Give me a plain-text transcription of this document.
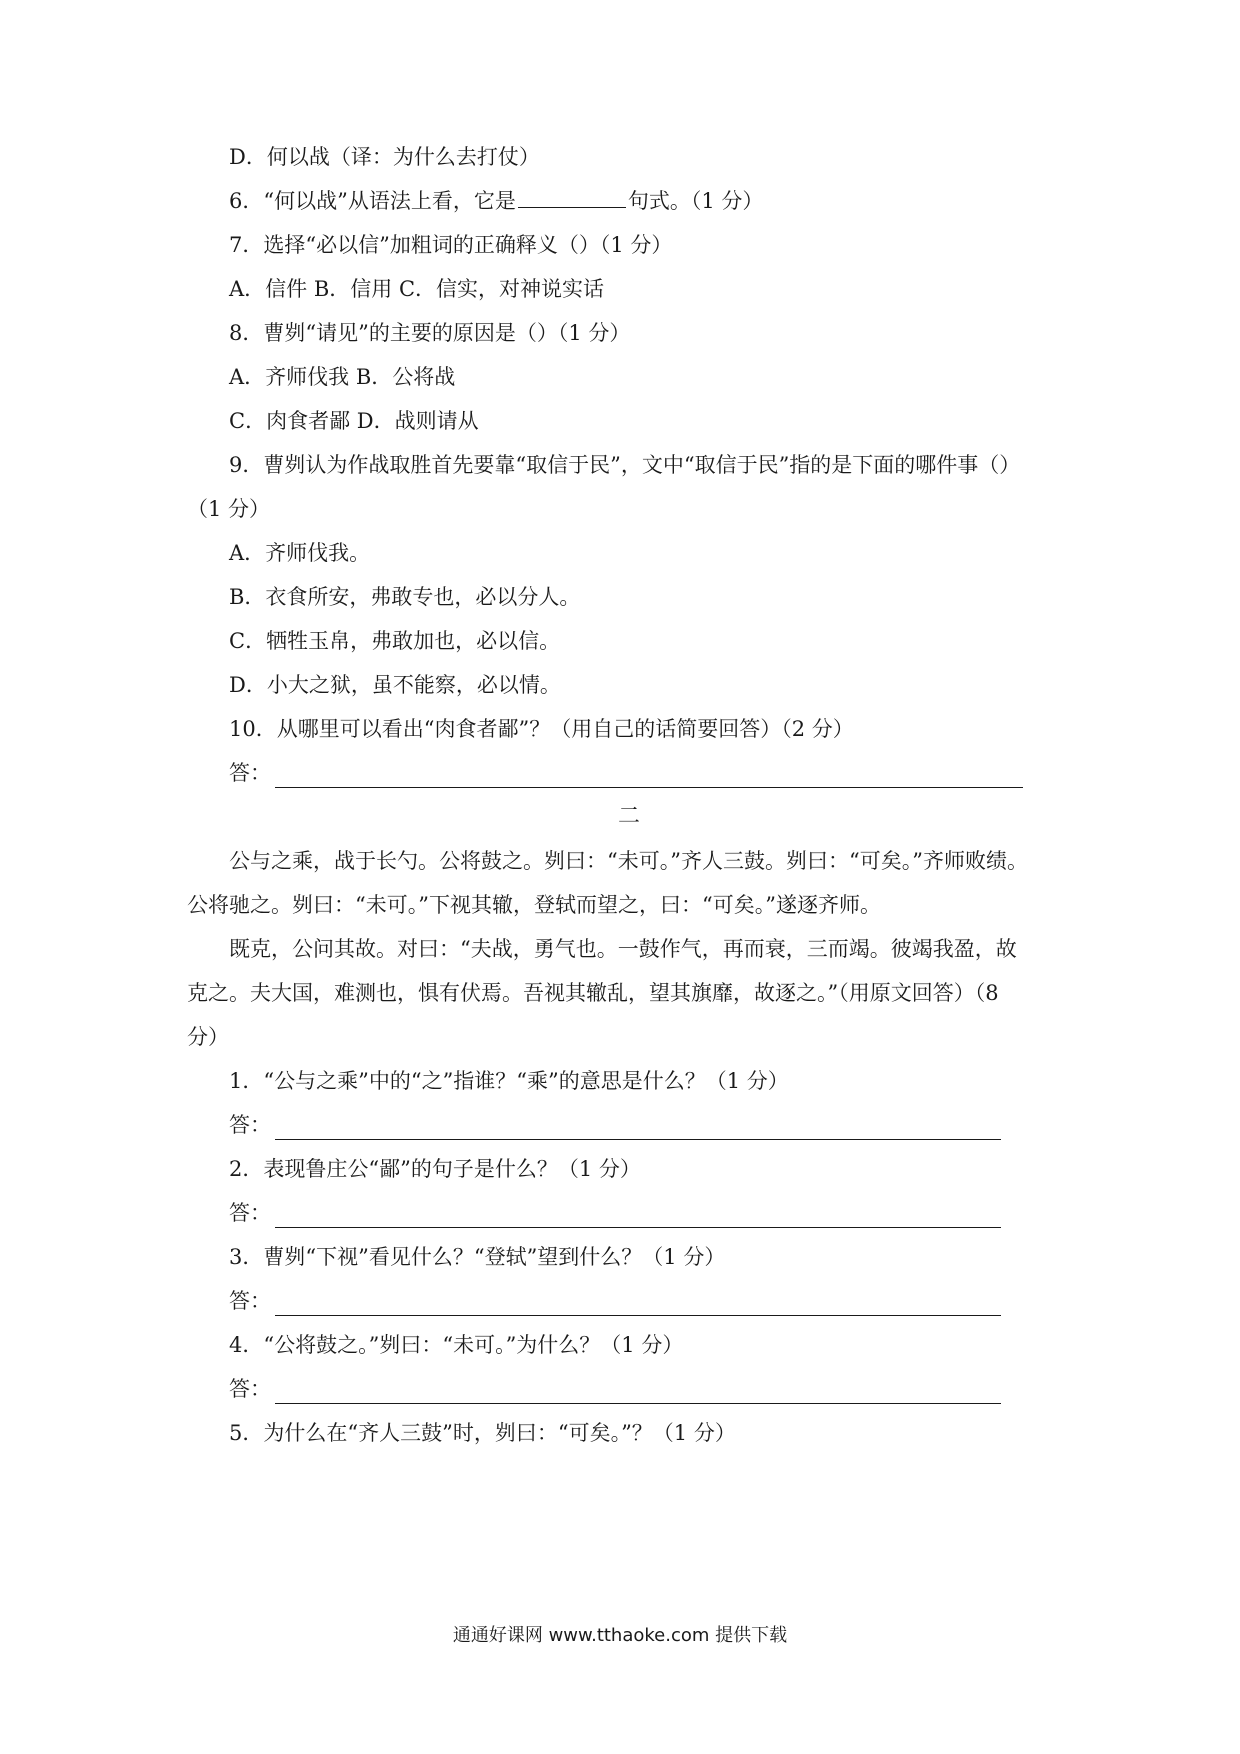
D．何以战（译：为什么去打仗）
6．“何以战”从语法上看，它是	句式。（1 分）
7．选择“必以信”加粗词的正确释义（）（1 分）
A．信件 B．信用 C．信实，对神说实话
8．曹刿“请见”的主要的原因是（）（1 分）
A．齐师伐我 B．公将战
C．肉食者鄙 D．战则请从
9．曹刿认为作战取胜首先要靠“取信于民”，文中“取信于民”指的是下面的哪件事（）
（1 分）
A．齐师伐我。
B．衣食所安，弗敢专也，必以分人。
C．牺牲玉帛，弗敢加也，必以信。
D．小大之狱，虽不能察，必以情。
10．从哪里可以看出“肉食者鄙”？（用自己的话简要回答）（2 分）
答：
二
公与之乘，战于长勺。公将鼓之。刿曰：“未可。”齐人三鼓。刿曰：“可矣。”齐师败绩。
公将驰之。刿曰：“未可。”下视其辙，登轼而望之，曰：“可矣。”遂逐齐师。
既克，公问其故。对曰：“夫战，勇气也。一鼓作气，再而衰，三而竭。彼竭我盈，故
克之。夫大国，难测也，惧有伏焉。吾视其辙乱，望其旗靡，故逐之。”（用原文回答）（8
分）
1．“公与之乘”中的“之”指谁？“乘”的意思是什么？（1 分）
答：
2．表现鲁庄公“鄙”的句子是什么？（1 分）
答：
3．曹刿“下视”看见什么？“登轼”望到什么？（1 分）
答：
4．“公将鼓之。”刿曰：“未可。”为什么？（1 分）
答：
5．为什么在“齐人三鼓”时，刿曰：“可矣。”？（1 分）
通通好课网 www.tthaoke.com 提供下载
